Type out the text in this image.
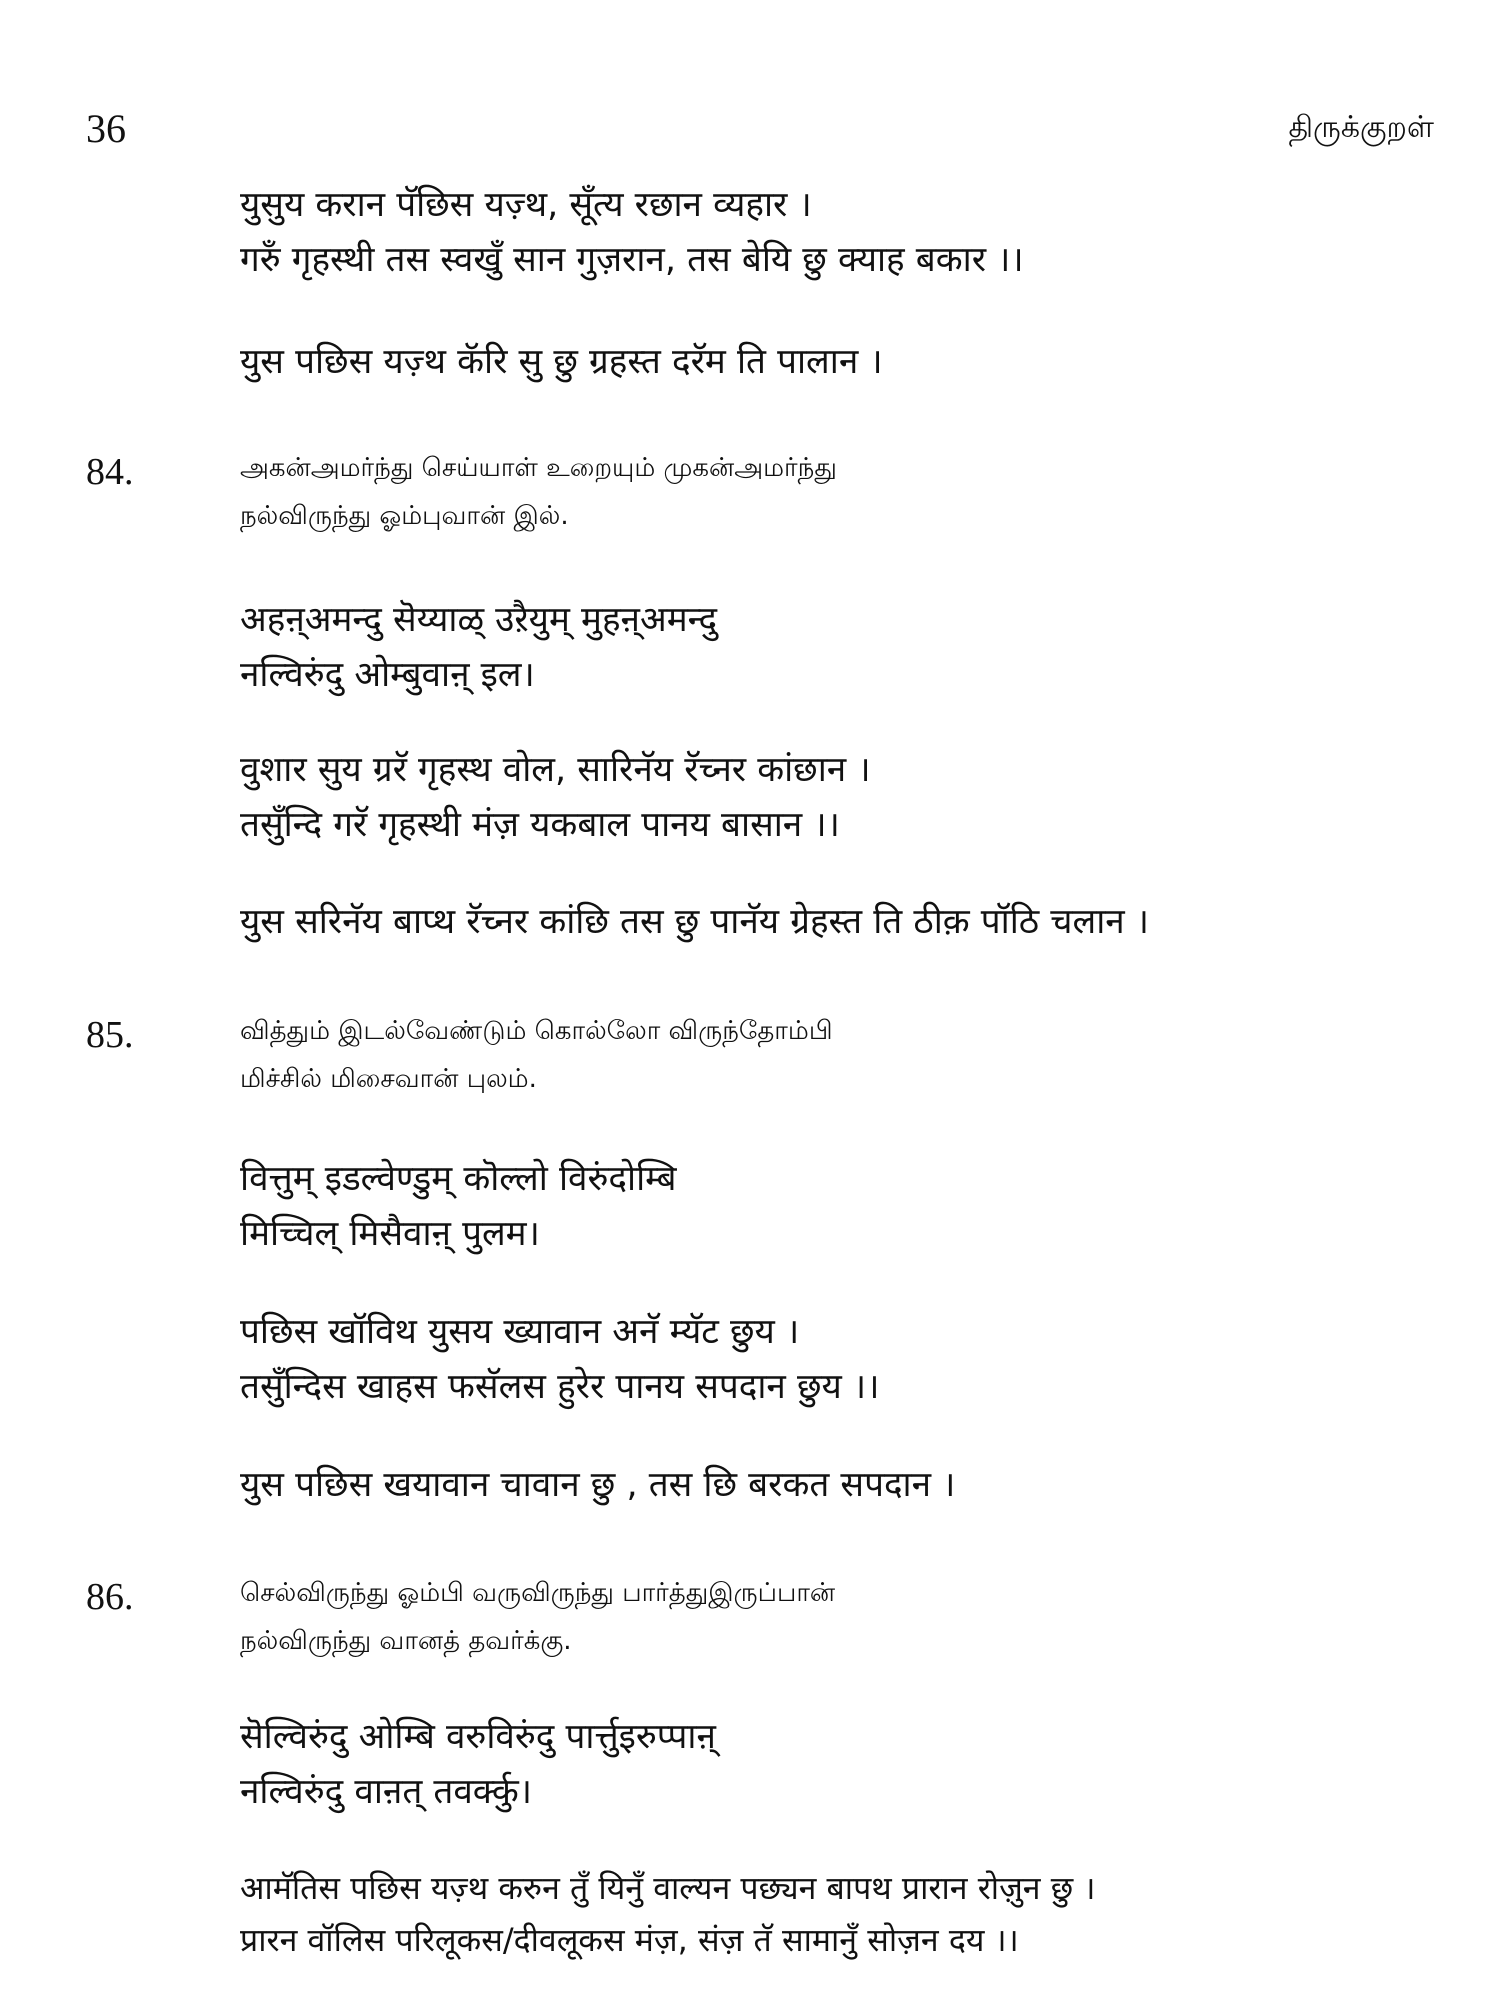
36	திருக்குறள்
युसुय करान पॅछिस यज़्थ, सूँत्य रछान व्यहार ।
गरुँ गृहस्थी तस स्वखुँ सान गुज़रान, तस बेयि छु क्याह बकार ।।
युस पछिस यज़्थ कॅरि सु छु ग्रहस्त दरॅम ति पालान ।
84.	அகன்அமர்ந்து செய்யாள் உறையும் முகன்அமர்ந்து
நல்விருந்து ஓம்புவான் இல்.
अहऩ्अमन्दु सॆय्याळ् उऱैयुम् मुहऩ्अमन्दु
नल्विरुंदु ओम्बुवाऩ् इल।
वुशार सुय ग्ररॅ गृहस्थ वोल, सारिनॅय रॅच्नर कांछान ।
तसुँन्दि गरॅ गृहस्थी मंज़ यकबाल पानय बासान ।।
युस सरिनॅय बाप्थ रॅच्नर कांछि तस छु पानॅय ग्रेहस्त ति ठीक़ पॉठि चलान ।
85.	வித்தும் இடல்வேண்டும் கொல்லோ விருந்தோம்பி
மிச்சில் மிசைவான் புலம்.
वित्तुम् इडल्वेण्डुम् कॊल्लो विरुंदोम्बि
मिच्चिल् मिसैवाऩ् पुलम।
पछिस खॉविथ युसय ख्यावान अनॅ म्यॅट छुय ।
तसुँन्दिस खाहस फसॅलस हुरेर पानय सपदान छुय ।।
युस पछिस खयावान चावान छु , तस छि बरकत सपदान ।
86.	செல்விருந்து ஓம்பி வருவிருந்து பார்த்துஇருப்பான்
நல்விருந்து வானத் தவர்க்கு.
सॆल्विरुंदु ओम्बि वरुविरुंदु पार्त्तुइरुप्पाऩ्
नल्विरुंदु वाऩत् तवर्क्कु।
आमॅतिस पछिस यज़्थ करुन तुँ यिनुँ वाल्यन पछ्यन बापथ प्रारान रोज़ुन छु ।
प्रारन वॉलिस परिलूकस/दीवलूकस मंज़, संज़ तॅ सामानुँ सोज़न दय ।।
